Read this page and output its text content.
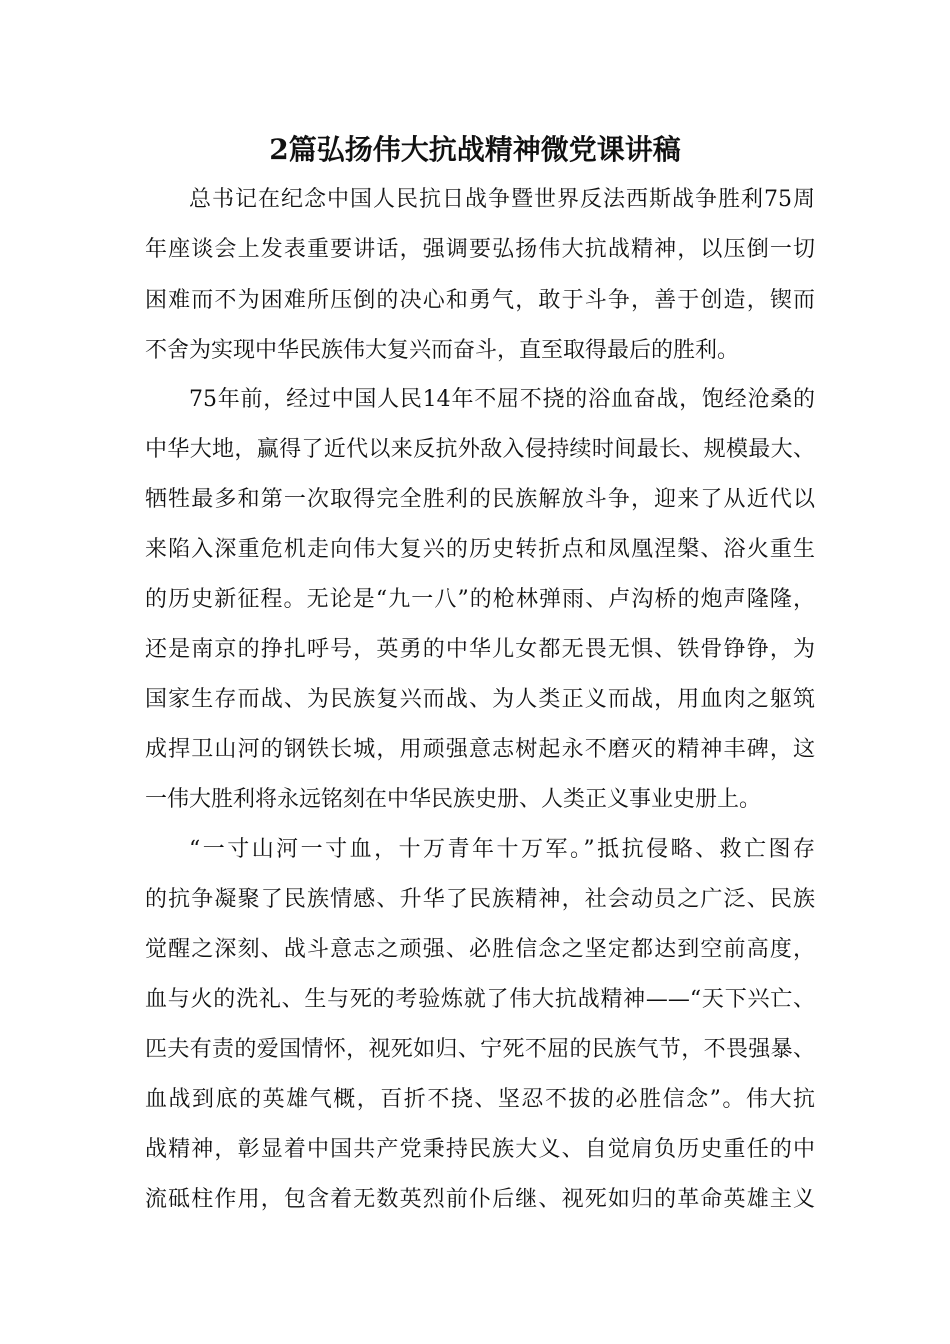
2篇弘扬伟大抗战精神微党课讲稿
总书记在纪念中国人民抗日战争暨世界反法西斯战争胜利75周
年座谈会上发表重要讲话，强调要弘扬伟大抗战精神，以压倒一切
困难而不为困难所压倒的决心和勇气，敢于斗争，善于创造，锲而
不舍为实现中华民族伟大复兴而奋斗，直至取得最后的胜利。
75年前，经过中国人民14年不屈不挠的浴血奋战，饱经沧桑的
中华大地，赢得了近代以来反抗外敌入侵持续时间最长、规模最大、
牺牲最多和第一次取得完全胜利的民族解放斗争，迎来了从近代以
来陷入深重危机走向伟大复兴的历史转折点和凤凰涅槃、浴火重生
的历史新征程。无论是“九一八”的枪林弹雨、卢沟桥的炮声隆隆，
还是南京的挣扎呼号，英勇的中华儿女都无畏无惧、铁骨铮铮，为
国家生存而战、为民族复兴而战、为人类正义而战，用血肉之躯筑
成捍卫山河的钢铁长城，用顽强意志树起永不磨灭的精神丰碑，这
一伟大胜利将永远铭刻在中华民族史册、人类正义事业史册上。
“一寸山河一寸血，十万青年十万军。”抵抗侵略、救亡图存
的抗争凝聚了民族情感、升华了民族精神，社会动员之广泛、民族
觉醒之深刻、战斗意志之顽强、必胜信念之坚定都达到空前高度，
血与火的洗礼、生与死的考验炼就了伟大抗战精神——“天下兴亡、
匹夫有责的爱国情怀，视死如归、宁死不屈的民族气节，不畏强暴、
血战到底的英雄气概，百折不挠、坚忍不拔的必胜信念”。伟大抗
战精神，彰显着中国共产党秉持民族大义、自觉肩负历史重任的中
流砥柱作用，包含着无数英烈前仆后继、视死如归的革命英雄主义
